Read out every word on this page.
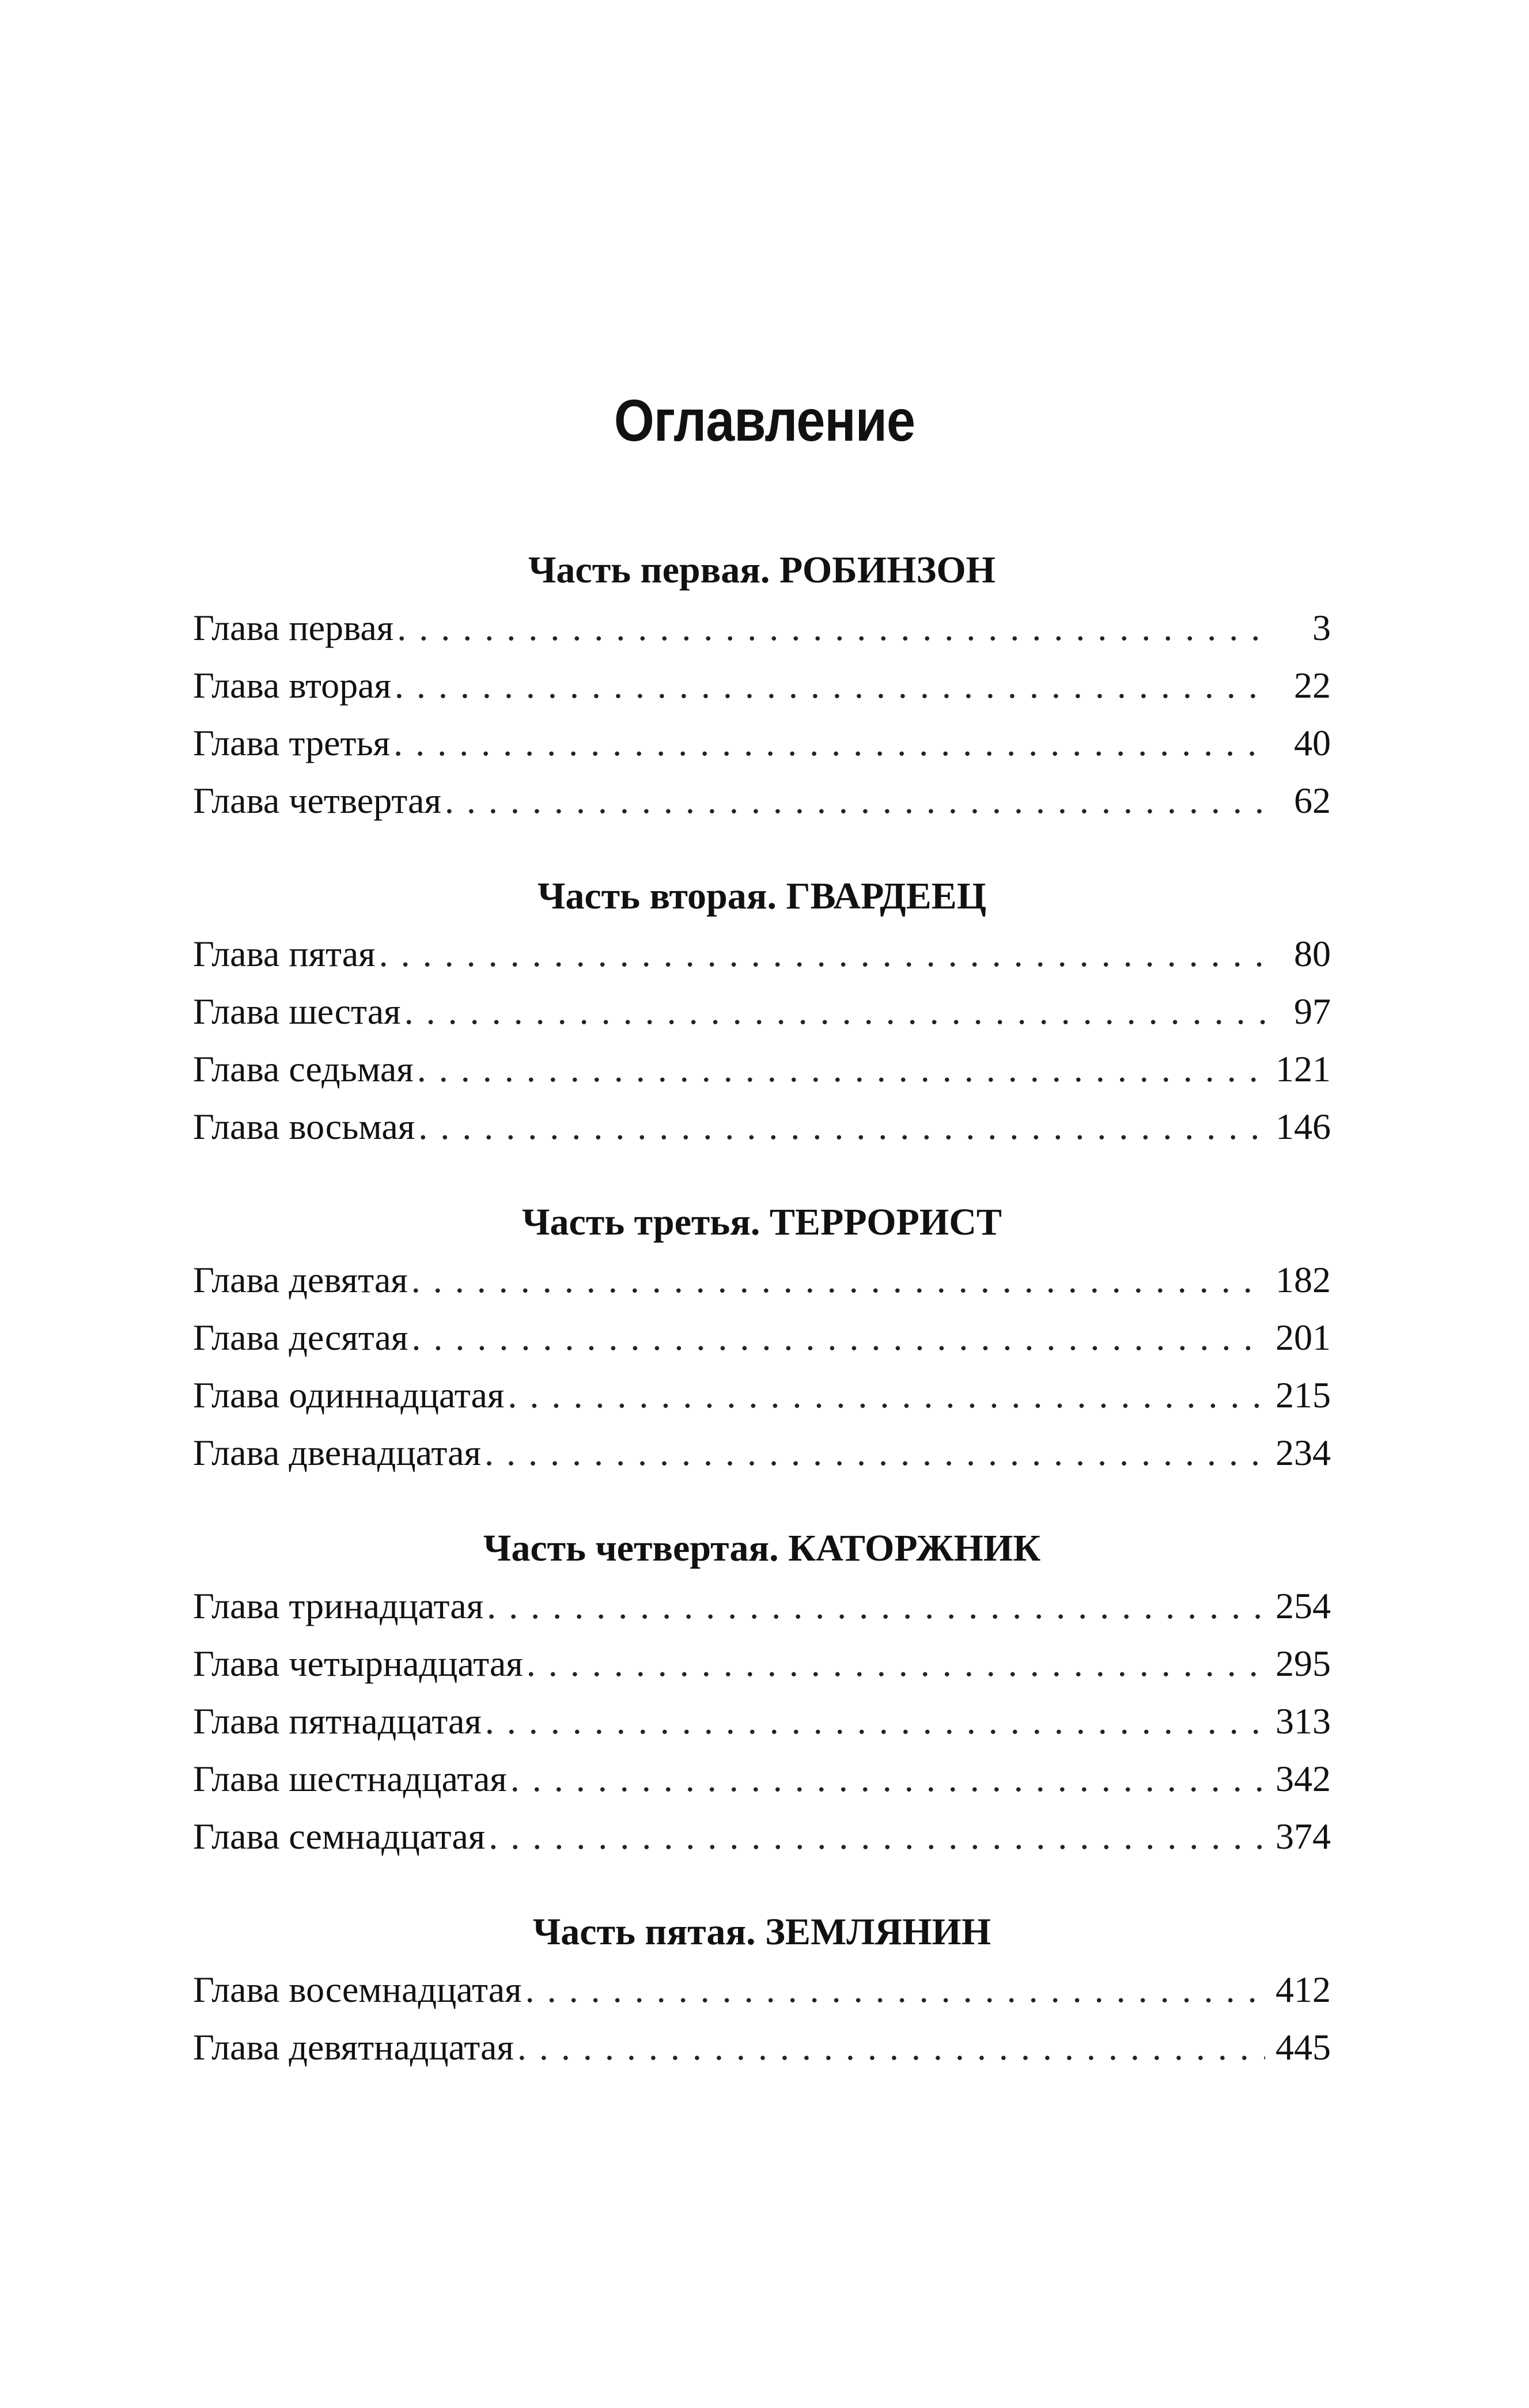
Оглавление
Часть первая. РОБИНЗОН
Глава первая . . .	3
Глава вторая . . .	22
Глава третья . . .	40
Глава четвертая . . .	62
Часть вторая. ГВАРДЕЕЦ
Глава пятая . . .	80
Глава шестая . . .	97
Глава седьмая . . .	121
Глава восьмая . . .	146
Часть третья. ТЕРРОРИСТ
Глава девятая . . .	182
Глава десятая . . .	201
Глава одиннадцатая . . .	215
Глава двенадцатая . . .	234
Часть четвертая. КАТОРЖНИК
Глава тринадцатая . . .	254
Глава четырнадцатая . . .	295
Глава пятнадцатая . . .	313
Глава шестнадцатая . . .	342
Глава семнадцатая . . .	374
Часть пятая. ЗЕМЛЯНИН
Глава восемнадцатая . . .	412
Глава девятнадцатая . . .	445
